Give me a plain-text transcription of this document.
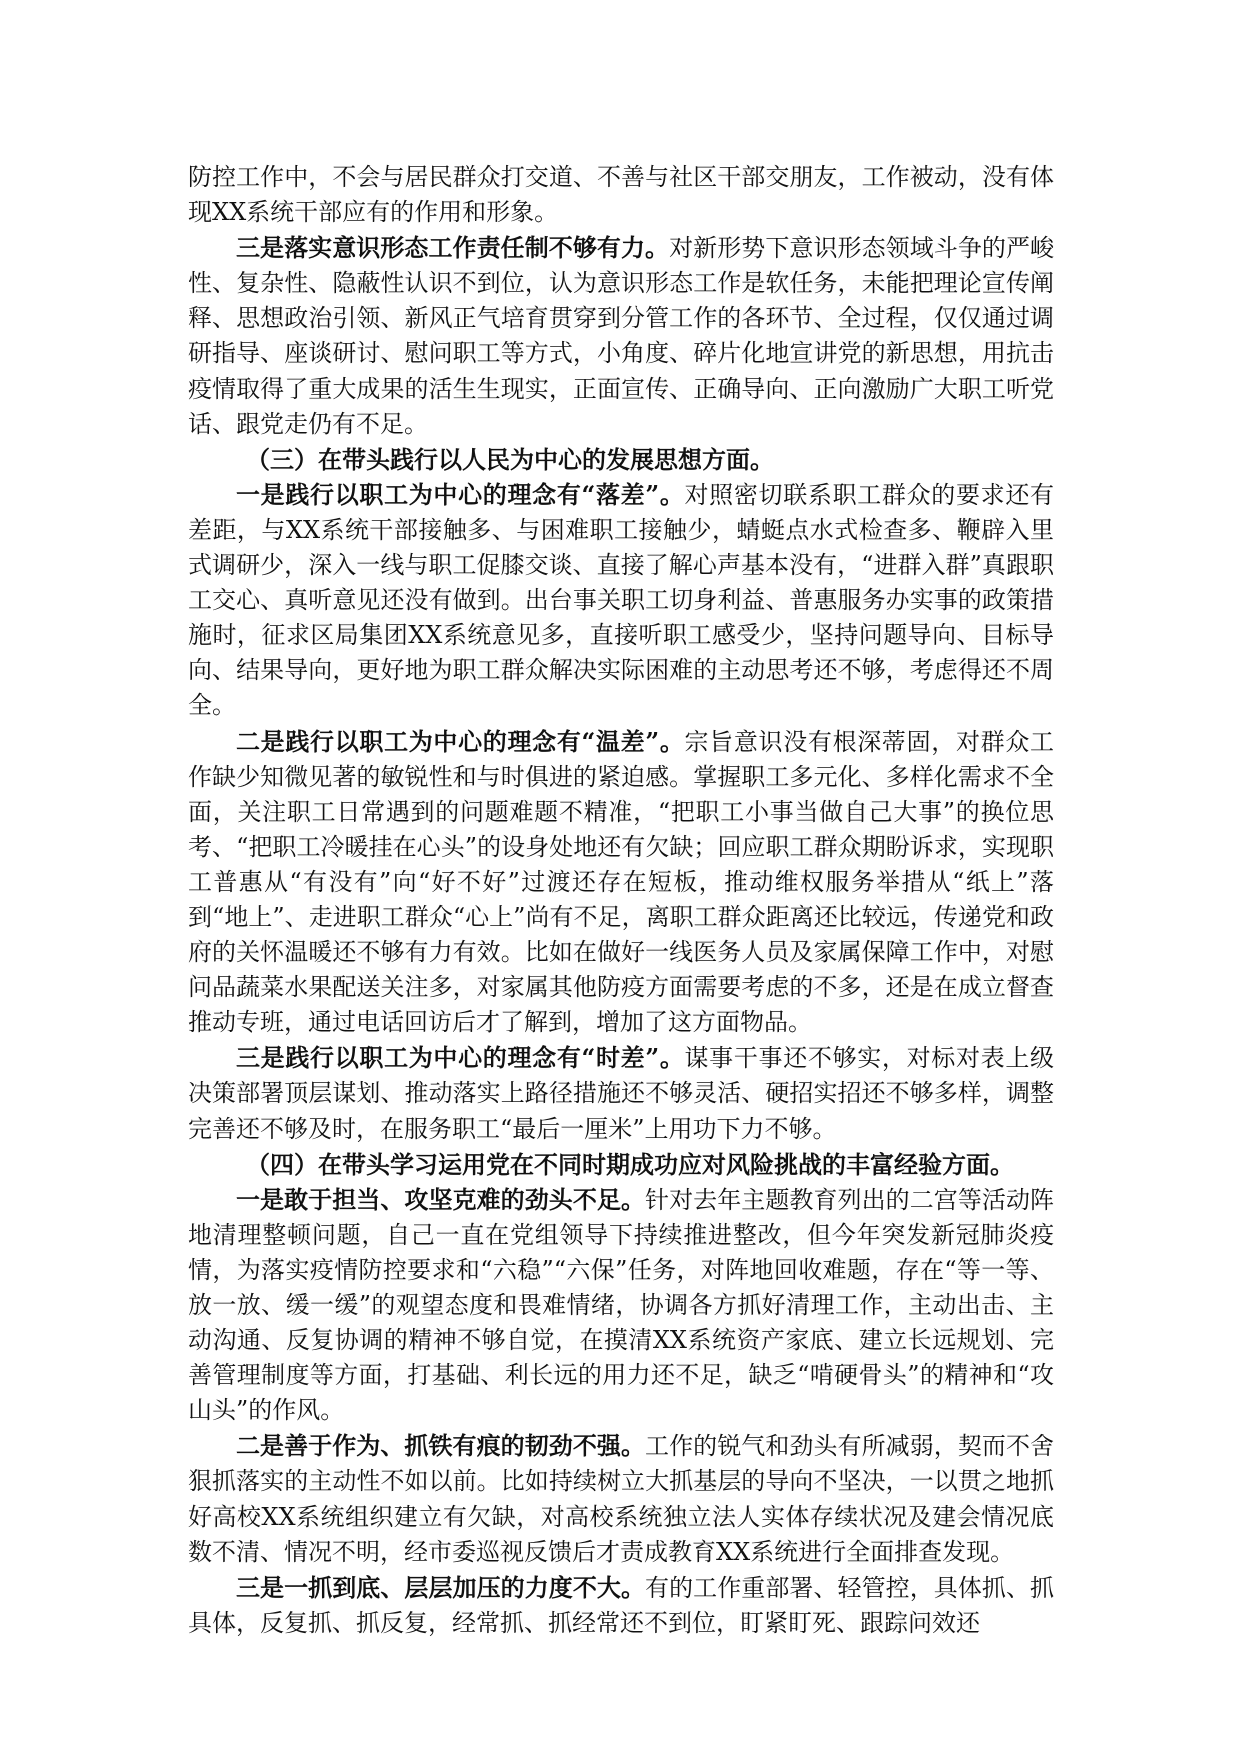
防控工作中，不会与居民群众打交道、不善与社区干部交朋友，工作被动，没有体现XX系统干部应有的作用和形象。

三是落实意识形态工作责任制不够有力。对新形势下意识形态领域斗争的严峻性、复杂性、隐蔽性认识不到位，认为意识形态工作是软任务，未能把理论宣传阐释、思想政治引领、新风正气培育贯穿到分管工作的各环节、全过程，仅仅通过调研指导、座谈研讨、慰问职工等方式，小角度、碎片化地宣讲党的新思想，用抗击疫情取得了重大成果的活生生现实，正面宣传、正确导向、正向激励广大职工听党话、跟党走仍有不足。

（三）在带头践行以人民为中心的发展思想方面。

一是践行以职工为中心的理念有“落差”。对照密切联系职工群众的要求还有差距，与XX系统干部接触多、与困难职工接触少，蜻蜓点水式检查多、鞭辟入里式调研少，深入一线与职工促膝交谈、直接了解心声基本没有，“进群入群”真跟职工交心、真听意见还没有做到。出台事关职工切身利益、普惠服务办实事的政策措施时，征求区局集团XX系统意见多，直接听职工感受少，坚持问题导向、目标导向、结果导向，更好地为职工群众解决实际困难的主动思考还不够，考虑得还不周全。

二是践行以职工为中心的理念有“温差”。宗旨意识没有根深蒂固，对群众工作缺少知微见著的敏锐性和与时俱进的紧迫感。掌握职工多元化、多样化需求不全面，关注职工日常遇到的问题难题不精准，“把职工小事当做自己大事”的换位思考、“把职工冷暖挂在心头”的设身处地还有欠缺；回应职工群众期盼诉求，实现职工普惠从“有没有”向“好不好”过渡还存在短板，推动维权服务举措从“纸上”落到“地上”、走进职工群众“心上”尚有不足，离职工群众距离还比较远，传递党和政府的关怀温暖还不够有力有效。比如在做好一线医务人员及家属保障工作中，对慰问品蔬菜水果配送关注多，对家属其他防疫方面需要考虑的不多，还是在成立督查推动专班，通过电话回访后才了解到，增加了这方面物品。

三是践行以职工为中心的理念有“时差”。谋事干事还不够实，对标对表上级决策部署顶层谋划、推动落实上路径措施还不够灵活、硬招实招还不够多样，调整完善还不够及时，在服务职工“最后一厘米”上用功下力不够。

（四）在带头学习运用党在不同时期成功应对风险挑战的丰富经验方面。

一是敢于担当、攻坚克难的劲头不足。针对去年主题教育列出的二宫等活动阵地清理整顿问题，自己一直在党组领导下持续推进整改，但今年突发新冠肺炎疫情，为落实疫情防控要求和“六稳”“六保”任务，对阵地回收难题，存在“等一等、放一放、缓一缓”的观望态度和畏难情绪，协调各方抓好清理工作，主动出击、主动沟通、反复协调的精神不够自觉，在摸清XX系统资产家底、建立长远规划、完善管理制度等方面，打基础、利长远的用力还不足，缺乏“啃硬骨头”的精神和“攻山头”的作风。

二是善于作为、抓铁有痕的韧劲不强。工作的锐气和劲头有所减弱，契而不舍狠抓落实的主动性不如以前。比如持续树立大抓基层的导向不坚决，一以贯之地抓好高校XX系统组织建立有欠缺，对高校系统独立法人实体存续状况及建会情况底数不清、情况不明，经市委巡视反馈后才责成教育XX系统进行全面排查发现。

三是一抓到底、层层加压的力度不大。有的工作重部署、轻管控，具体抓、抓具体，反复抓、抓反复，经常抓、抓经常还不到位，盯紧盯死、跟踪问效还
